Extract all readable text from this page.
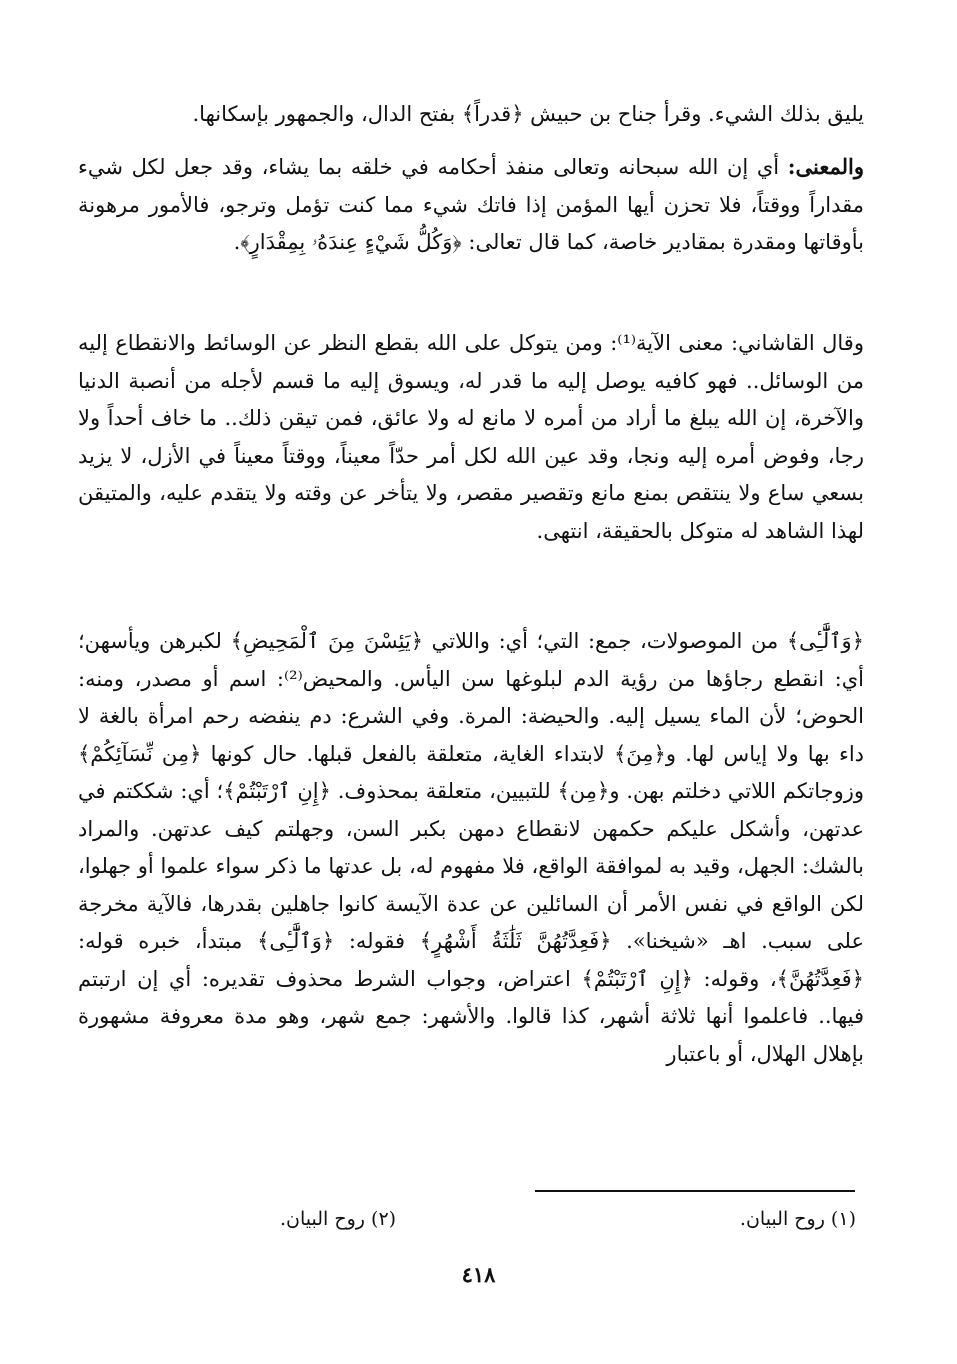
يليق بذلك الشيء. وقرأ جناح بن حبيش ﴿قدراً﴾ بفتح الدال، والجمهور بإسكانها.

والمعنى: أي إن الله سبحانه وتعالى منفذ أحكامه في خلقه بما يشاء، وقد جعل لكل شيء مقداراً ووقتاً، فلا تحزن أيها المؤمن إذا فاتك شيء مما كنت تؤمل وترجو، فالأمور مرهونة بأوقاتها ومقدرة بمقادير خاصة، كما قال تعالى: ﴿وَكُلُّ شَيْءٍ عِندَهُۥ بِمِقْدَارٍ﴾.

وقال القاشاني: معنى الآية⁽¹⁾: ومن يتوكل على الله بقطع النظر عن الوسائط والانقطاع إليه من الوسائل.. فهو كافيه يوصل إليه ما قدر له، ويسوق إليه ما قسم لأجله من أنصبة الدنيا والآخرة، إن الله يبلغ ما أراد من أمره لا مانع له ولا عائق، فمن تيقن ذلك.. ما خاف أحداً ولا رجا، وفوض أمره إليه ونجا، وقد عين الله لكل أمر حدّاً معيناً، ووقتاً معيناً في الأزل، لا يزيد بسعي ساع ولا ينتقص بمنع مانع وتقصير مقصر، ولا يتأخر عن وقته ولا يتقدم عليه، والمتيقن لهذا الشاهد له متوكل بالحقيقة، انتهى.

﴿وَٱلَّٰٓـِٔى﴾ من الموصولات، جمع: التي؛ أي: واللاتي ﴿يَئِسْنَ مِنَ ٱلْمَحِيضِ﴾ لكبرهن ويأسهن؛ أي: انقطع رجاؤها من رؤية الدم لبلوغها سن اليأس. والمحيض⁽²⁾: اسم أو مصدر، ومنه: الحوض؛ لأن الماء يسيل إليه. والحيضة: المرة. وفي الشرع: دم ينفضه رحم امرأة بالغة لا داء بها ولا إياس لها. و﴿مِنَ﴾ لابتداء الغاية، متعلقة بالفعل قبلها. حال كونها ﴿مِن نِّسَآئِكُمْ﴾ وزوجاتكم اللاتي دخلتم بهن. و﴿مِن﴾ للتبيين، متعلقة بمحذوف. ﴿إِنِ ٱرْتَبْتُمْ﴾؛ أي: شككتم في عدتهن، وأشكل عليكم حكمهن لانقطاع دمهن بكبر السن، وجهلتم كيف عدتهن. والمراد بالشك: الجهل، وقيد به لموافقة الواقع، فلا مفهوم له، بل عدتها ما ذكر سواء علموا أو جهلوا، لكن الواقع في نفس الأمر أن السائلين عن عدة الآيسة كانوا جاهلين بقدرها، فالآية مخرجة على سبب. اهـ «شيخنا». ﴿فَعِدَّتُهُنَّ ثَلَٰثَةُ أَشْهُرٍ﴾ فقوله: ﴿وَٱلَّٰٓـِٔى﴾ مبتدأ، خبره قوله: ﴿فَعِدَّتُهُنَّ﴾، وقوله: ﴿إِنِ ٱرْتَبْتُمْ﴾ اعتراض، وجواب الشرط محذوف تقديره: أي إن ارتبتم فيها.. فاعلموا أنها ثلاثة أشهر، كذا قالوا. والأشهر: جمع شهر، وهو مدة معروفة مشهورة بإهلال الهلال، أو باعتبار

(١) روح البيان.
(٢) روح البيان.
٤١٨
